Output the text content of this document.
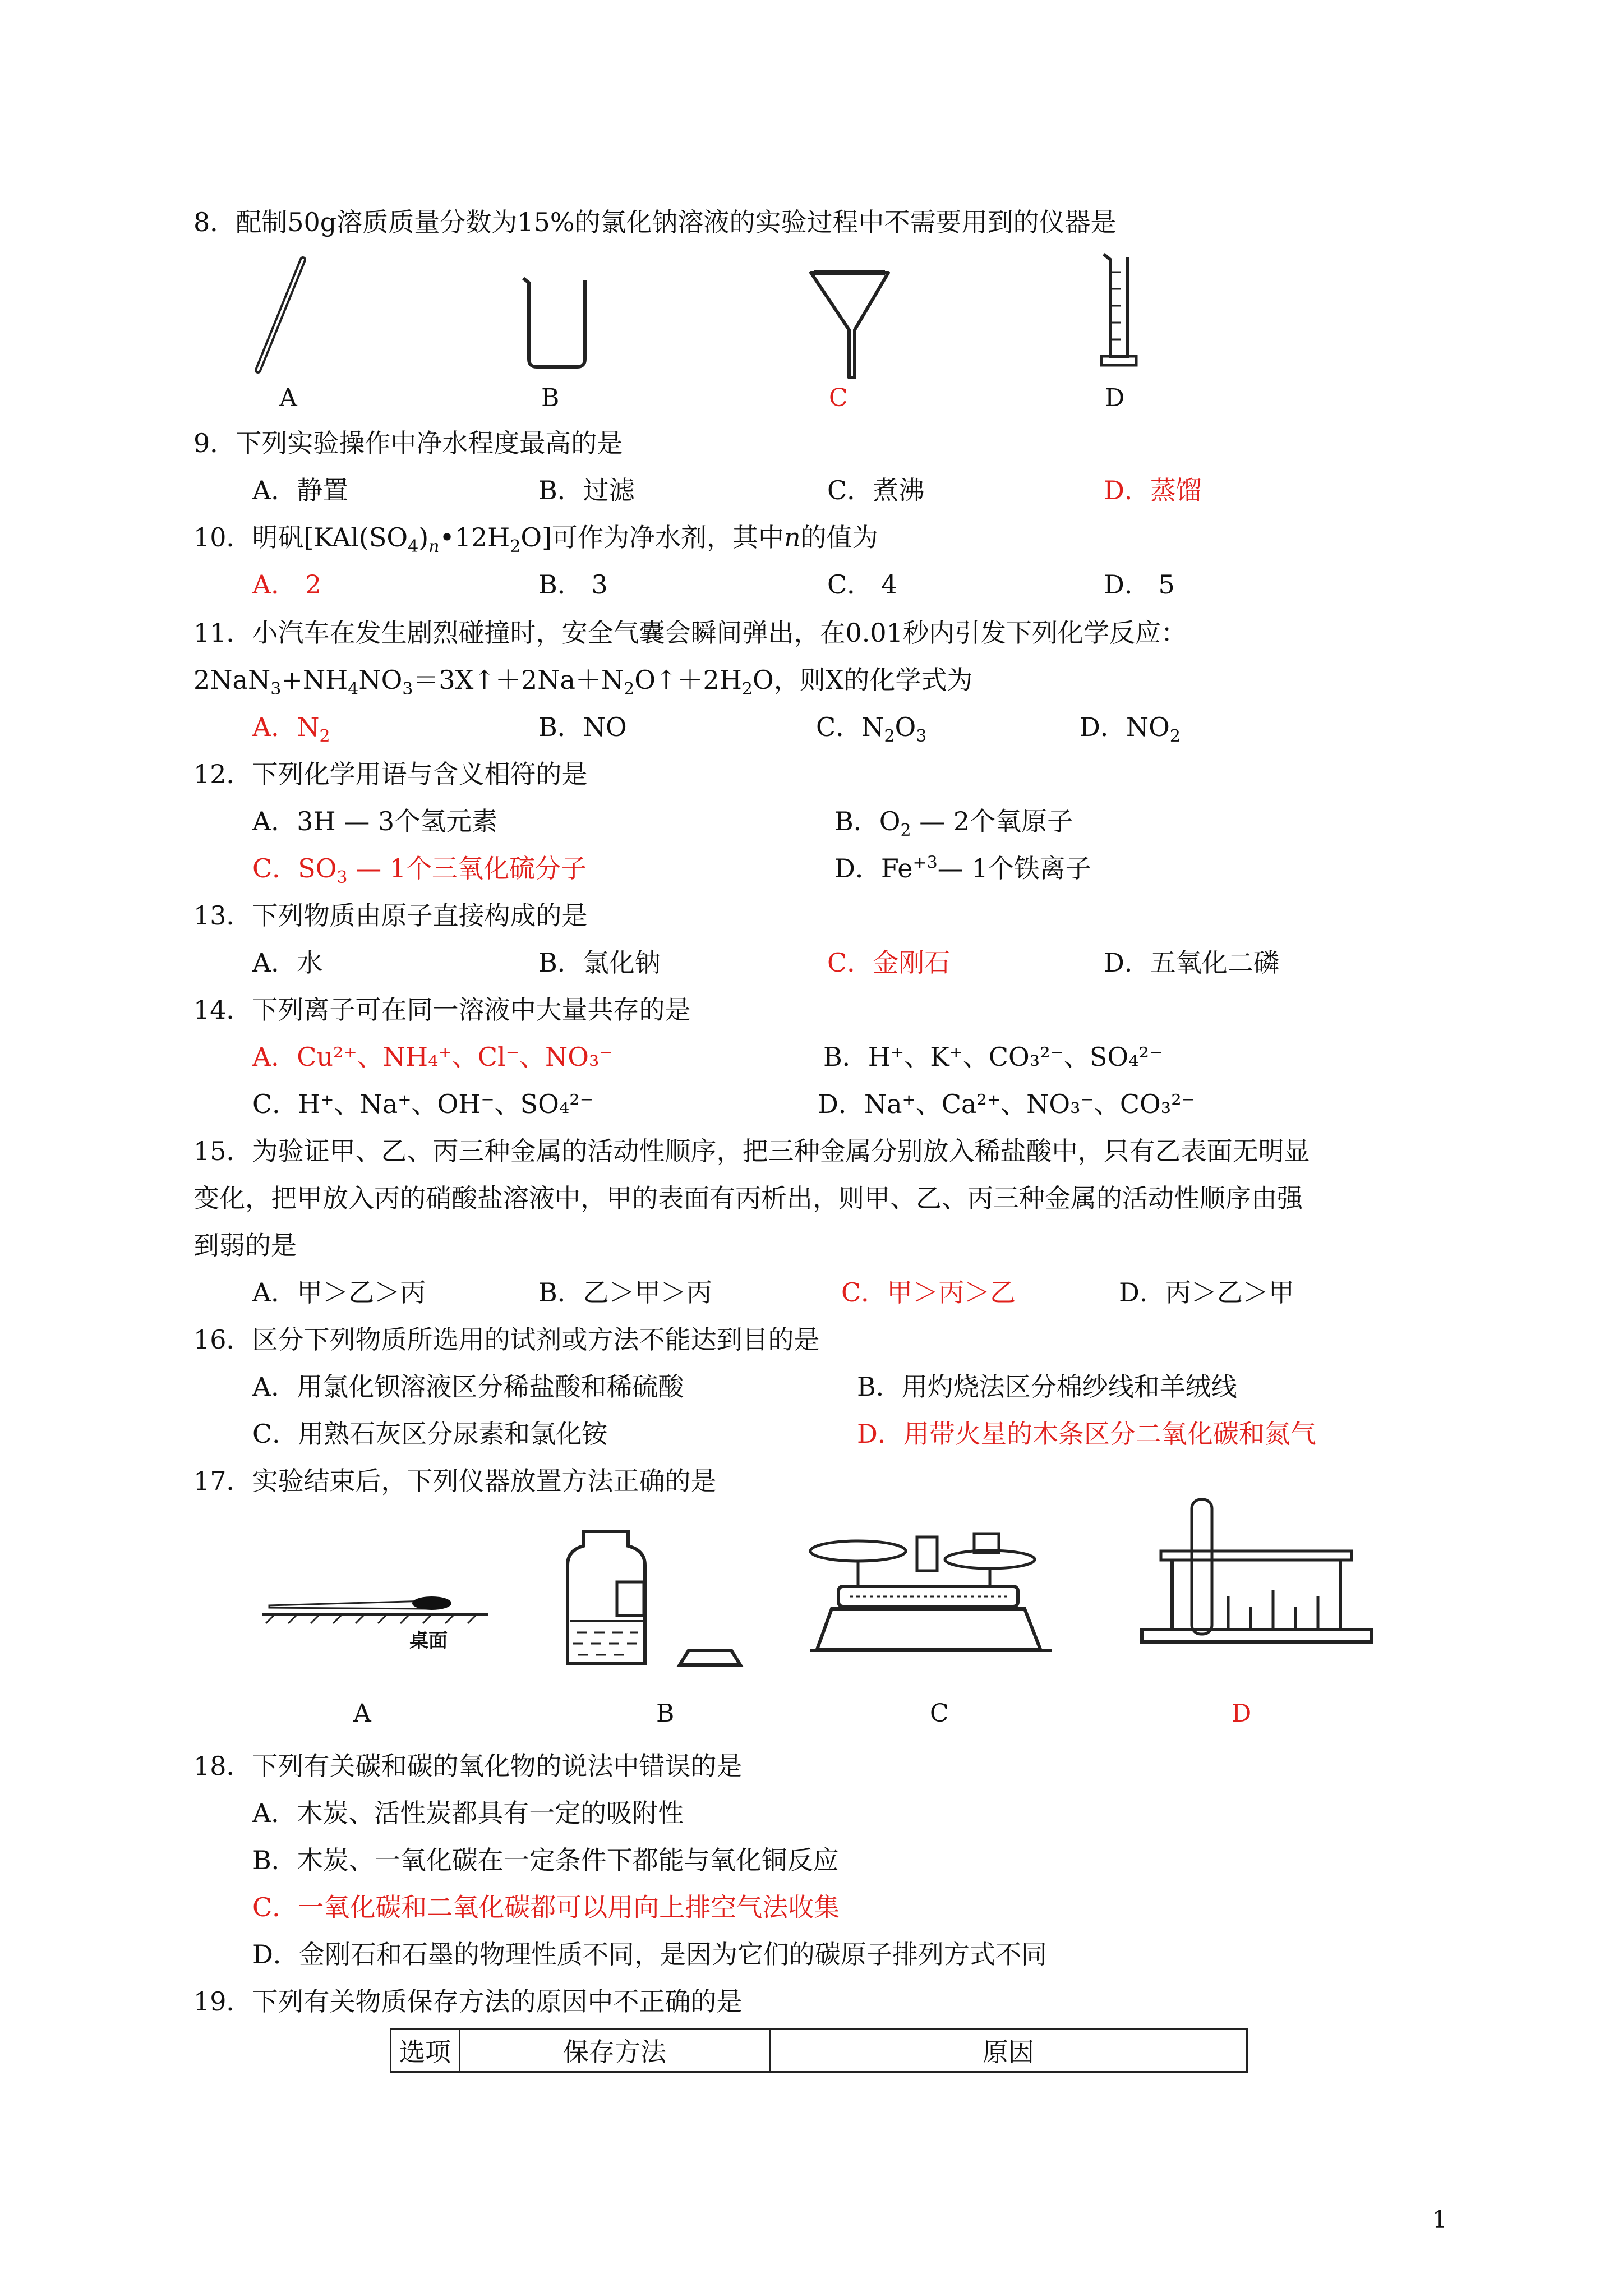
8．配制50g溶质质量分数为15%的氯化钠溶液的实验过程中不需要用到的仪器是
A	B	C	D
9．下列实验操作中净水程度最高的是
A．静置	B．过滤	C．煮沸	D．蒸馏
10．明矾$[KAl(SO_4)_n•12H_2O]$可作为净水剂，其中n的值为
A． 2	B． 3	C． 4	D． 5
11．小汽车在发生剧烈碰撞时，安全气囊会瞬间弹出，在0.01秒内引发下列化学反应：
$2NaN_3+NH_4NO_3=3X↑+2Na+N_2O↑+2H_2O$，则X的化学式为
A．$N_2$	B．NO	C．$N_2O_3$	D．$NO_2$
12．下列化学用语与含义相符的是
A．3H — 3个氢元素	B．$O_2$ — 2个氧原子
C．$SO_3$ — 1个三氧化硫分子	D．$Fe^{+3}—$ 1个铁离子
13．下列物质由原子直接构成的是
A．水	B．氯化钠	C．金刚石	D．五氧化二磷
14．下列离子可在同一溶液中大量共存的是
A．Cu²⁺、NH₄⁺、Cl⁻、NO₃⁻	B．H⁺、K⁺、CO₃²⁻、SO₄²⁻
C．H⁺、Na⁺、OH⁻、SO₄²⁻	D．Na⁺、Ca²⁺、NO₃⁻、CO₃²⁻
15．为验证甲、乙、丙三种金属的活动性顺序，把三种金属分别放入稀盐酸中，只有乙表面无明显
变化，把甲放入丙的硝酸盐溶液中，甲的表面有丙析出，则甲、乙、丙三种金属的活动性顺序由强
到弱的是
A．甲＞乙＞丙	B．乙＞甲＞丙	C．甲＞丙＞乙	D．丙＞乙＞甲
16．区分下列物质所选用的试剂或方法不能达到目的是
A．用氯化钡溶液区分稀盐酸和稀硫酸	B．用灼烧法区分棉纱线和羊绒线
C．用熟石灰区分尿素和氯化铵	D．用带火星的木条区分二氧化碳和氮气
17．实验结束后，下列仪器放置方法正确的是
桌面
A	B	C	D
18．下列有关碳和碳的氧化物的说法中错误的是
A．木炭、活性炭都具有一定的吸附性
B．木炭、一氧化碳在一定条件下都能与氧化铜反应
C．一氧化碳和二氧化碳都可以用向上排空气法收集
D．金刚石和石墨的物理性质不同，是因为它们的碳原子排列方式不同
19．下列有关物质保存方法的原因中不正确的是
选项	保存方法	原因
1
